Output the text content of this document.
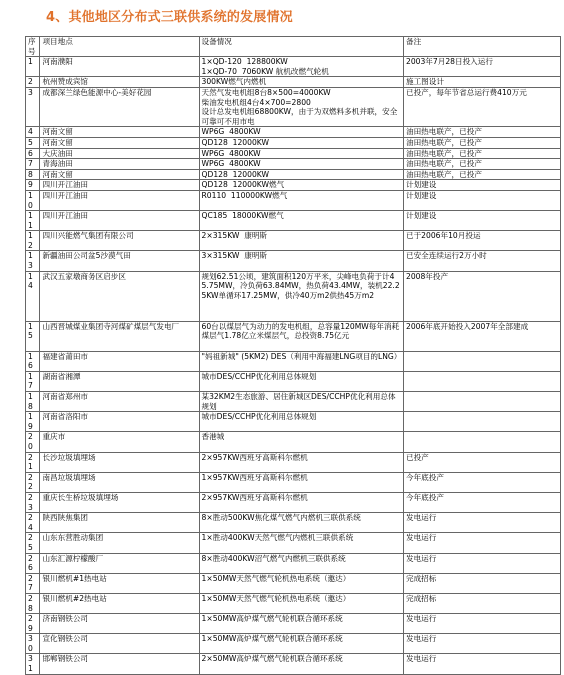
4、其他地区分布式三联供系统的发展情况
序号	项目地点	设备情况	备注
1	河南濮阳	1×QD-120  128800KW
1×QD-70  7060KW 航机改燃气轮机	2003年7月28日投入运行
2	杭州赞成宾馆	300KW燃气内燃机	施工图设计
3	成都深兰绿色能源中心-美好花园	天然气发电机组8台8×500=4000KW
柴油发电机组4台4×700=2800
设计总发电机组68800KW，由于为双燃料多机并联，安全可靠可不用市电	已投产，每年节省总运行费410万元
4	河南文留	WP6G  4800KW	油田热电联产，已投产
5	河南文留	QD128  12000KW	油田热电联产，已投产
6	大庆油田	WP6G  4800KW	油田热电联产，已投产
7	青海油田	WP6G  4800KW	油田热电联产，已投产
8	河南文留	QD128  12000KW	油田热电联产，已投产
9	四川开江油田	QD128  12000KW燃气	计划建设
10	四川开江油田	R0110  110000KW燃气	计划建设
11	四川开江油田	QC185  18000KW燃气	计划建设
12	四川兴能燃气集团有限公司	2×315KW  康明斯	已于2006年10月投运
13	新疆油田公司盆5沙漠气田	3×315KW  康明斯	已安全连续运行2万小时
14	武汉五家墩商务区启步区	规划62.51公顷，建筑面积120万平米，尖峰电负荷于计45.75MW，冷负荷63.84MW，热负荷43.4MW，装机22.25KW单循环17.25MW，供冷40万m2供热45万m2	2008年投产
15	山西晋城煤业集团寺河煤矿煤层气发电厂	60台以煤层气为动力的发电机组，总容量120MW每年消耗煤层气1.78亿立米煤层气，总投资8.75亿元	2006年底开始投入2007年全部建成
16	福建省莆田市	"妈祖新城" (5KM2) DES（利用中海福建LNG项目的LNG）	
17	湖南省湘潭	城市DES/CCHP优化利用总体规划	
18	河南省郑州市	某32KM2生态旅游、居住新城区DES/CCHP优化利用总体规划	
19	河南省洛阳市	城市DES/CCHP优化利用总体规划	
20	重庆市	香港城	
21	长沙垃圾填埋场	2×957KW西班牙高斯科尔燃机	已投产
22	南昌垃圾填埋场	1×957KW西班牙高斯科尔燃机	今年底投产
23	重庆长生桥垃圾填埋场	2×957KW西班牙高斯科尔燃机	今年底投产
24	陕西陕焦集团	8×胜动500KW焦化煤气燃气内燃机三联供系统	发电运行
25	山东东营胜动集团	1×胜动400KW天然气燃气内燃机三联供系统	发电运行
26	山东汇源柠檬酸厂	8×胜动400KW沼气燃气内燃机三联供系统	发电运行
27	银川燃机#1热电站	1×50MW天然气燃气轮机热电系统（邀达）	完成招标
28	银川燃机#2热电站	1×50MW天然气燃气轮机热电系统（邀达）	完成招标
29	济南钢铁公司	1×50MW高炉煤气燃气轮机联合循环系统	发电运行
30	宣化钢铁公司	1×50MW高炉煤气燃气轮机联合循环系统	发电运行
31	邯郸钢铁公司	2×50MW高炉煤气燃气轮机联合循环系统	发电运行
